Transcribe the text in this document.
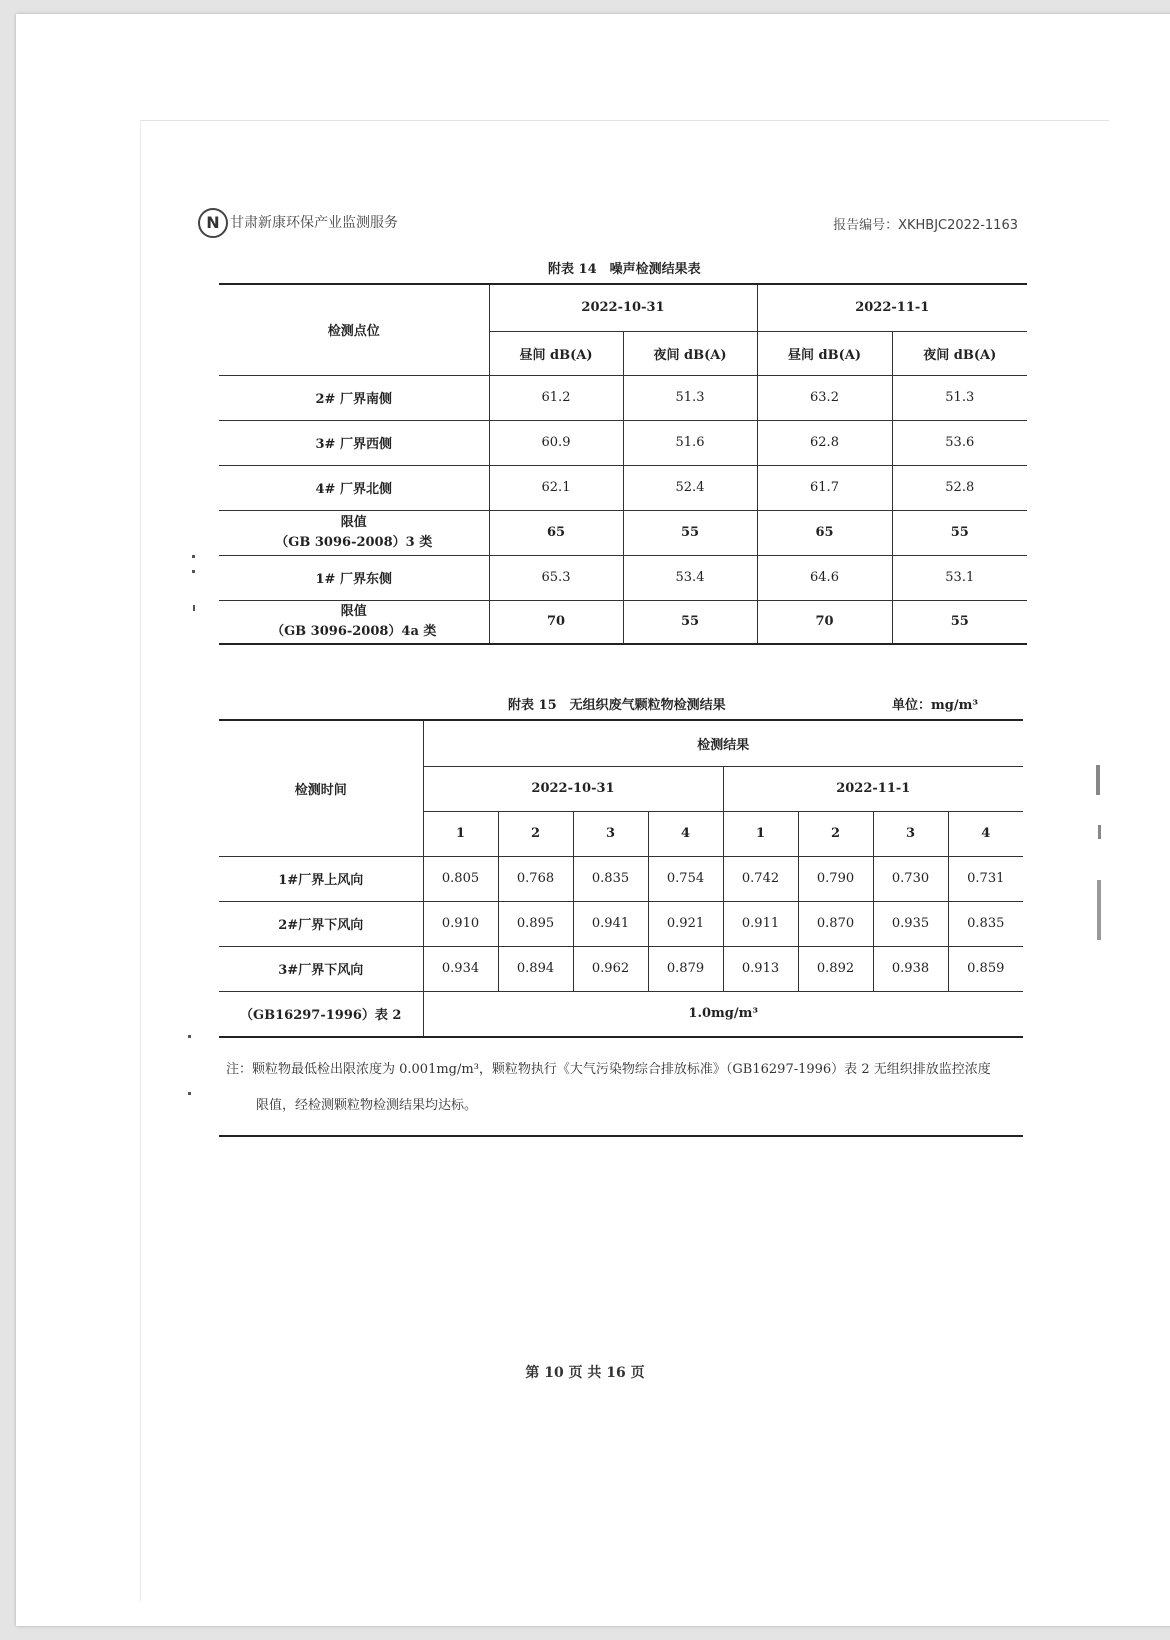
N 甘肃新康环保产业监测服务	报告编号：XKHBJC2022-1163
附表 14　噪声检测结果表
检测点位	2022-10-31		2022-11-1	
	昼间 dB(A)	夜间 dB(A)	昼间 dB(A)	夜间 dB(A)
2# 厂界南侧	61.2	51.3	63.2	51.3
3# 厂界西侧	60.9	51.6	62.8	53.6
4# 厂界北侧	62.1	52.4	61.7	52.8

限值
（GB 3096-2008）3 类	65	55	65	55
1# 厂界东侧	65.3	53.4	64.6	53.1

限值
（GB 3096-2008）4a 类	70	55	70	55
附表 15　无组织废气颗粒物检测结果	单位：mg/m³
检测时间	检测结果							
	2022-10-31				2022-11-1			
	1	2	3	4	1	2	3	4
1#厂界上风向	0.805	0.768	0.835	0.754	0.742	0.790	0.730	0.731
2#厂界下风向	0.910	0.895	0.941	0.921	0.911	0.870	0.935	0.835
3#厂界下风向	0.934	0.894	0.962	0.879	0.913	0.892	0.938	0.859
（GB16297-1996）表 2	1.0mg/m³							
注：颗粒物最低检出限浓度为 0.001mg/m³，颗粒物执行《大气污染物综合排放标准》（GB16297-1996）表 2 无组织排放监控浓度
限值，经检测颗粒物检测结果均达标。
第 10 页 共 16 页
